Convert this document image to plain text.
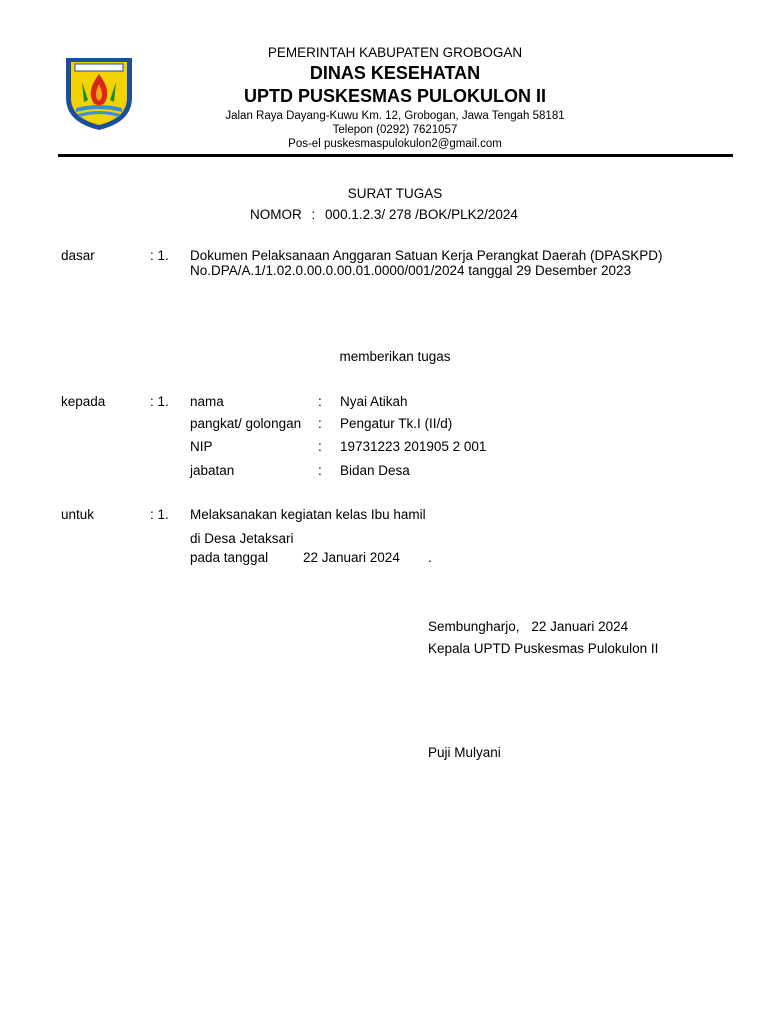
PEMERINTAH KABUPATEN GROBOGAN
DINAS KESEHATAN
UPTD PUSKESMAS PULOKULON II
Jalan Raya Dayang-Kuwu Km. 12, Grobogan, Jawa Tengah 58181
Telepon (0292) 7621057
Pos-el puskesmaspulokulon2@gmail.com
SURAT TUGAS
NOMOR : 000.1.2.3/ 278 /BOK/PLK2/2024
dasar	: 1. Dokumen Pelaksanaan Anggaran Satuan Kerja Perangkat Daerah (DPASKPD)
No.DPA/A.1/1.02.0.00.0.00.01.0000/001/2024 tanggal 29 Desember 2023
memberikan tugas
kepada	: 1. nama	: Nyai Atikah
pangkat/ golongan : Pengatur Tk.I (II/d)
NIP	: 19731223 201905 2 001
jabatan	: Bidan Desa
untuk	: 1. Melaksanakan kegiatan kelas Ibu hamil
di Desa Jetaksari
pada tanggal	22 Januari 2024 .
Sembungharjo, 22 Januari 2024
Kepala UPTD Puskesmas Pulokulon II
Puji Mulyani
